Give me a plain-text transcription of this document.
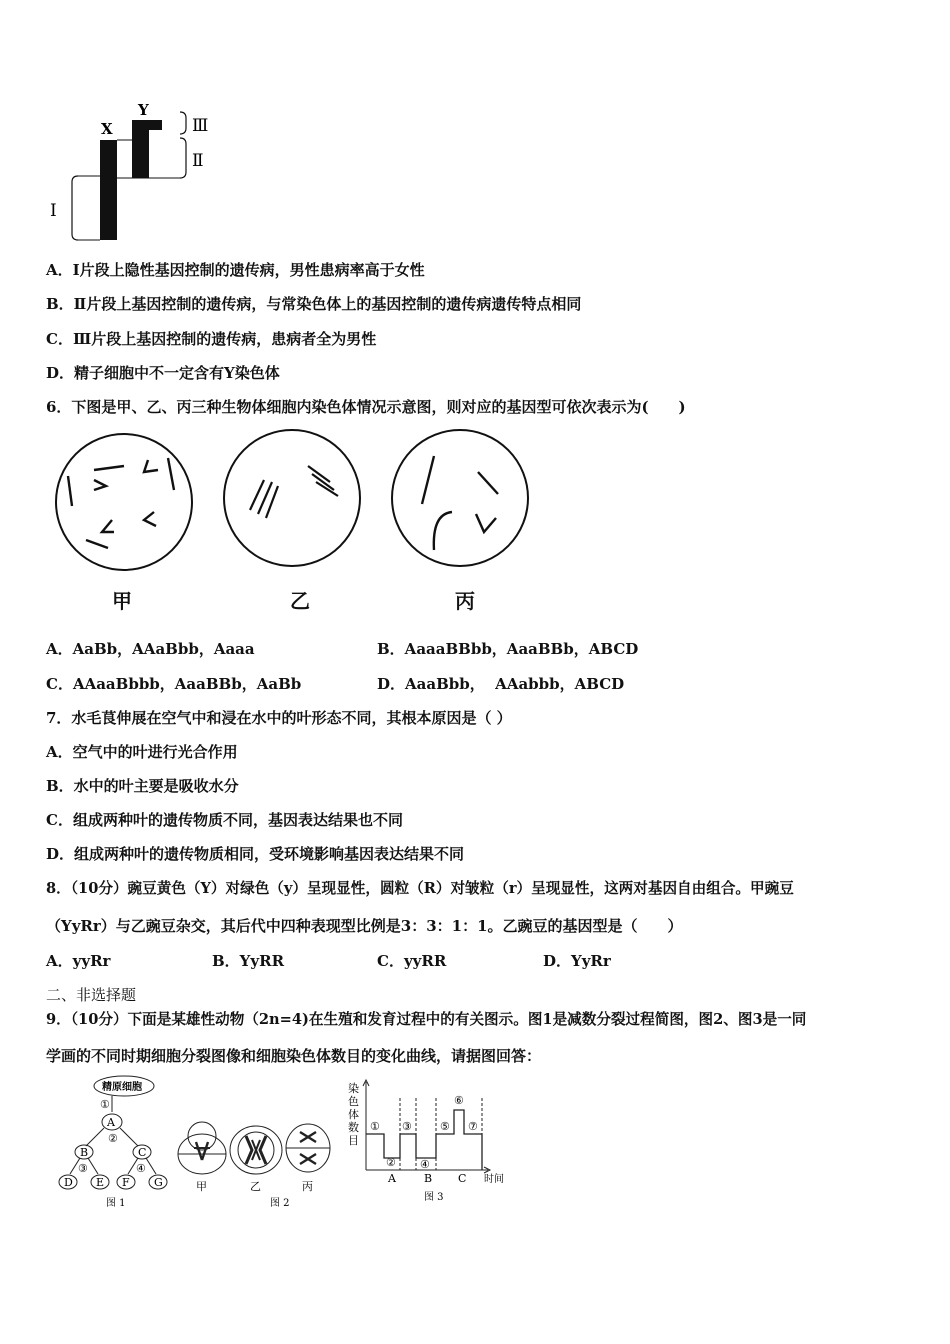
X
Y
Ⅲ
Ⅱ
Ⅰ
A．Ⅰ片段上隐性基因控制的遗传病，男性患病率高于女性
B．Ⅱ片段上基因控制的遗传病，与常染色体上的基因控制的遗传病遗传特点相同
C．Ⅲ片段上基因控制的遗传病，患病者全为男性
D．精子细胞中不一定含有Y染色体
6．下图是甲、乙、丙三种生物体细胞内染色体情况示意图，则对应的基因型可依次表示为(　　)
甲	乙	丙
A．AaBb，AAaBbb，Aaaa	B．AaaaBBbb，AaaBBb，ABCD
C．AAaaBbbb，AaaBBb，AaBb	D．AaaBbb，  AAabbb，ABCD
7．水毛茛伸展在空气中和浸在水中的叶形态不同，其根本原因是（ ）
A．空气中的叶进行光合作用
B．水中的叶主要是吸收水分
C．组成两种叶的遗传物质不同，基因表达结果也不同
D．组成两种叶的遗传物质相同，受环境影响基因表达结果不同
8．（10分）豌豆黄色（Y）对绿色（y）呈现显性，圆粒（R）对皱粒（r）呈现显性，这两对基因自由组合。甲豌豆
（YyRr）与乙豌豆杂交，其后代中四种表现型比例是3：3：1：1。乙豌豆的基因型是（　　）
A．yyRr	B．YyRR	C．yyRR	D．YyRr
二、非选择题
9．（10分）下面是某雄性动物（2n=4)在生殖和发育过程中的有关图示。图1是减数分裂过程简图，图2、图3是一同
学画的不同时期细胞分裂图像和细胞染色体数目的变化曲线，请据图回答：
精原细胞
A
B	C
D E F G
①
②
③	④
图 1
甲	乙	丙
图 2
染
色
体
数
目
①
②
③
④
⑤
⑥
⑦
A	B C 时间
图 3
